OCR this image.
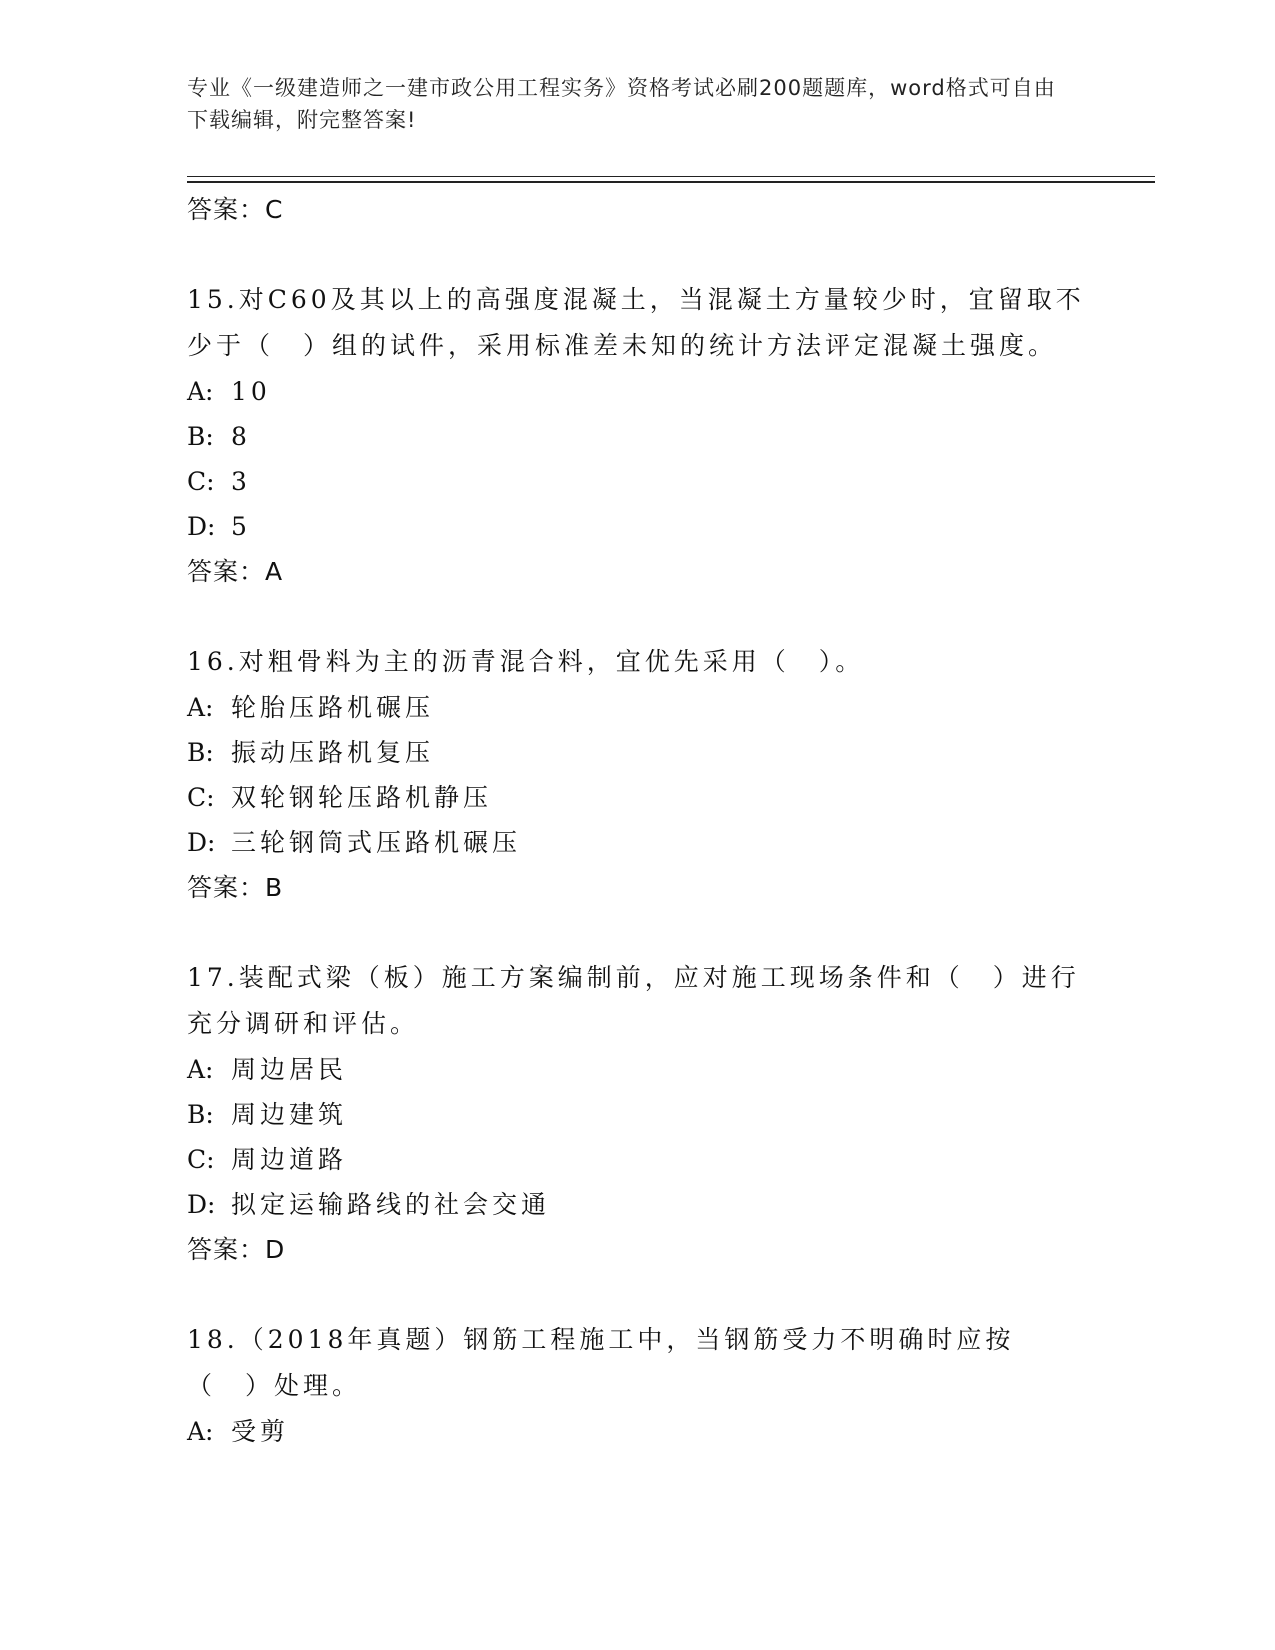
专业《一级建造师之一建市政公用工程实务》资格考试必刷200题题库，word格式可自由下载编辑，附完整答案!
答案：C

15.对C60及其以上的高强度混凝土，当混凝土方量较少时，宜留取不少于（　）组的试件，采用标准差未知的统计方法评定混凝土强度。

A: 10
B: 8
C: 3
D: 5
答案：A

16.对粗骨料为主的沥青混合料，宜优先采用（　）。

A: 轮胎压路机碾压
B: 振动压路机复压
C: 双轮钢轮压路机静压
D: 三轮钢筒式压路机碾压
答案：B

17.装配式梁（板）施工方案编制前，应对施工现场条件和（　）进行充分调研和评估。

A: 周边居民
B: 周边建筑
C: 周边道路
D: 拟定运输路线的社会交通
答案：D

18.（2018年真题）钢筋工程施工中，当钢筋受力不明确时应按（　）处理。

A: 受剪
